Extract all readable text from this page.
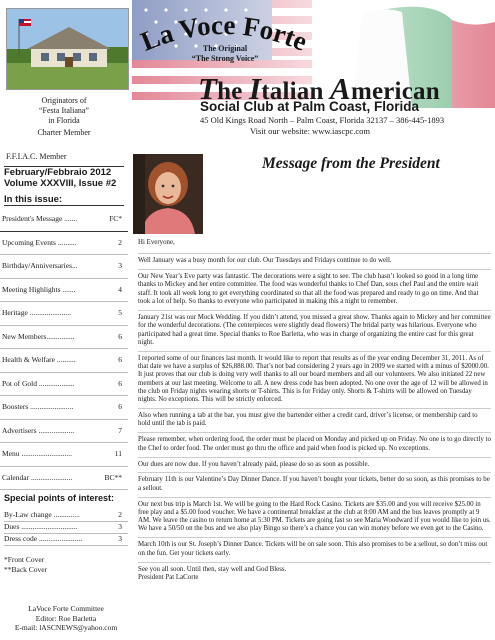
La Voce Forte
The Original
“The Strong Voice”
The Italian American
Social Club at Palm Coast, Florida
45 Old Kings Road North – Palm Coast, Florida 32137 – 386-445-1893
Visit our website: www.iascpc.com
Originators of
“Festa Italiana”
in Florida
Charter Member
F.F.I.A.C. Member
February/Febbraio 2012
Volume XXXVIII, Issue #2
In this issue:
President's Message .......	FC*
Upcoming Events ..........	2
Birthday/Anniversaries...	3
Meeting Highlights .......	4
Heritage ......................	5
New Members...............	6
Health & Welfare ..........	6
Pot of Gold ...................	6
Boosters .......................	6
Advertisers ...................	7
Menu ...........................	11
Calendar ......................	BC**
Special points of interest:
By-Law change ..............	2
Dues ..............................	3
Dress code .......................	3
*Front Cover
**Back Cover
LaVoce Forte Committee
Editor: Roe Barletta
E-mail: lASCNEWS@yahoo.com
Message from the President

Hi Everyone,

Well January was a busy month for our club. Our Tuesdays and Fridays continue to do well.

Our New Year’s Eve party was fantastic. The decorations were a sight to see. The club hasn’t looked so good in a long time thanks to Mickey and her entire committee. The food was wonderful thanks to Chef Dan, sous chef Paul and the entire wait staff. It took all week long to get everything coordinated so that all the food was prepared and ready to go on time. And that took a lot of help. So thanks to everyone who participated in making this a night to remember.

January 21st was our Mock Wedding. If you didn’t attend, you missed a great show. Thanks again to Mickey and her committee for the wonderful decorations. (The centerpieces were slightly dead flowers) The bridal party was hilarious. Everyone who participated had a great time. Special thanks to Roe Barletta, who was in charge of organizing the entire cast for this great night.

I reported some of our finances last month. It would like to report that results as of the year ending December 31, 2011. As of that date we have a surplus of $26,888.00. That’s not bad considering 2 years ago in 2009 we started with a minus of $2000.00. It just proves that our club is doing very well thanks to all our board members and all our volunteers. We also initiated 22 new members at our last meeting. Welcome to all. A new dress code has been adopted. No one over the age of 12 will be allowed in the club on Friday nights wearing shorts or T-shirts. This is for Friday only. Shorts & T-shirts will be allowed on Tuesday nights. No exceptions. This will be strictly enforced.

Also when running a tab at the bar, you must give the bartender either a credit card, driver’s license, or membership card to hold until the tab is paid.

Please remember, when ordering food, the order must be placed on Monday and picked up on Friday. No one is to go directly to the Chef to order food. The order must go thru the office and paid when food is picked up. No exceptions.

Our dues are now due. If you haven’t already paid, please do so as soon as possible.

February 11th is our Valentine’s Day Dinner Dance. If you haven’t bought your tickets, better do so soon, as this promises to be a sellout.

Our next bus trip is March 1st. We will be going to the Hard Rock Casino. Tickets are $35.00 and you will receive $25.00 in free play and a $5.00 food voucher. We have a continental breakfast at the club at 8:00 AM and the bus leaves promptly at 9 AM. We leave the casino to return home at 5:30 PM. Tickets are going fast so see Maria Woodward if you would like to join us. We have a 50/50 on the bus and we also play Bingo so there’s a chance you can win money before we even get to the Casino.

March 10th is our St. Joseph’s Dinner Dance. Tickets will be on sale soon. This also promises to be a sellout, so don’t miss out on the fun. Get your tickets early.

See you all soon. Until then, stay well and God Bless.
President Pat LaCorte
